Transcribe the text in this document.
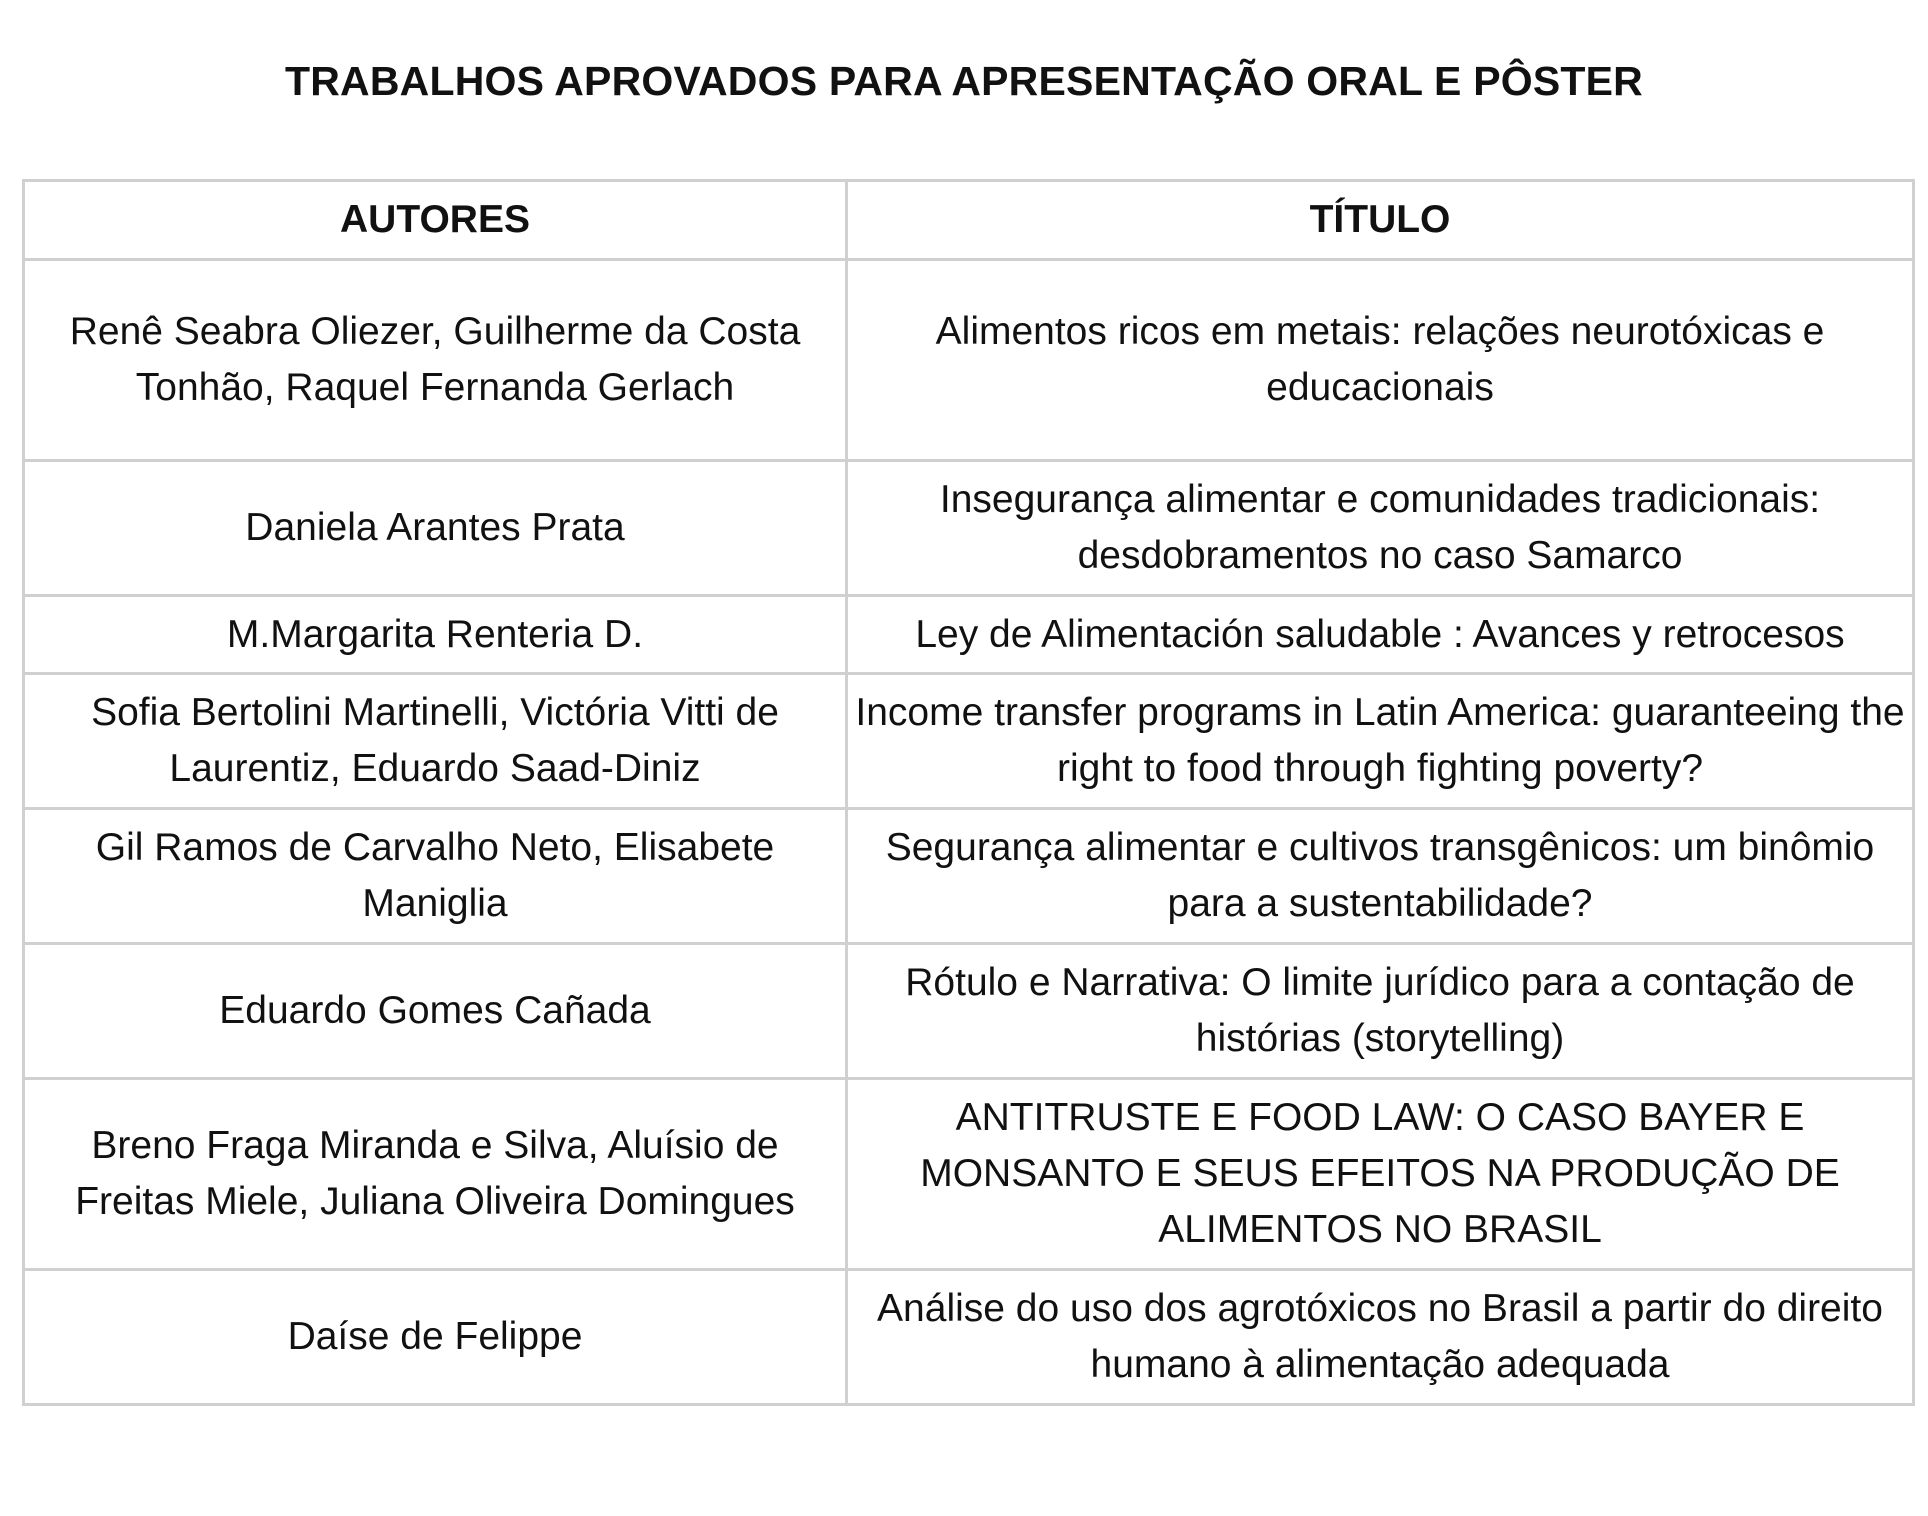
TRABALHOS APROVADOS PARA APRESENTAÇÃO ORAL E PÔSTER
AUTORES	TÍTULO
Renê Seabra Oliezer, Guilherme da Costa Tonhão, Raquel Fernanda Gerlach	Alimentos ricos em metais: relações neurotóxicas e educacionais
Daniela Arantes Prata	Insegurança alimentar e comunidades tradicionais: desdobramentos no caso Samarco
M.Margarita Renteria D.	Ley de Alimentación saludable : Avances y retrocesos
Sofia Bertolini Martinelli, Victória Vitti de Laurentiz, Eduardo Saad-Diniz	Income transfer programs in Latin America: guaranteeing the right to food through fighting poverty?
Gil Ramos de Carvalho Neto, Elisabete Maniglia	Segurança alimentar e cultivos transgênicos: um binômio para a sustentabilidade?
Eduardo Gomes Cañada	Rótulo e Narrativa: O limite jurídico para a contação de histórias (storytelling)
Breno Fraga Miranda e Silva, Aluísio de Freitas Miele, Juliana Oliveira Domingues	ANTITRUSTE E FOOD LAW: O CASO BAYER E MONSANTO E SEUS EFEITOS NA PRODUÇÃO DE ALIMENTOS NO BRASIL
Daíse de Felippe	Análise do uso dos agrotóxicos no Brasil a partir do direito humano à alimentação adequada
